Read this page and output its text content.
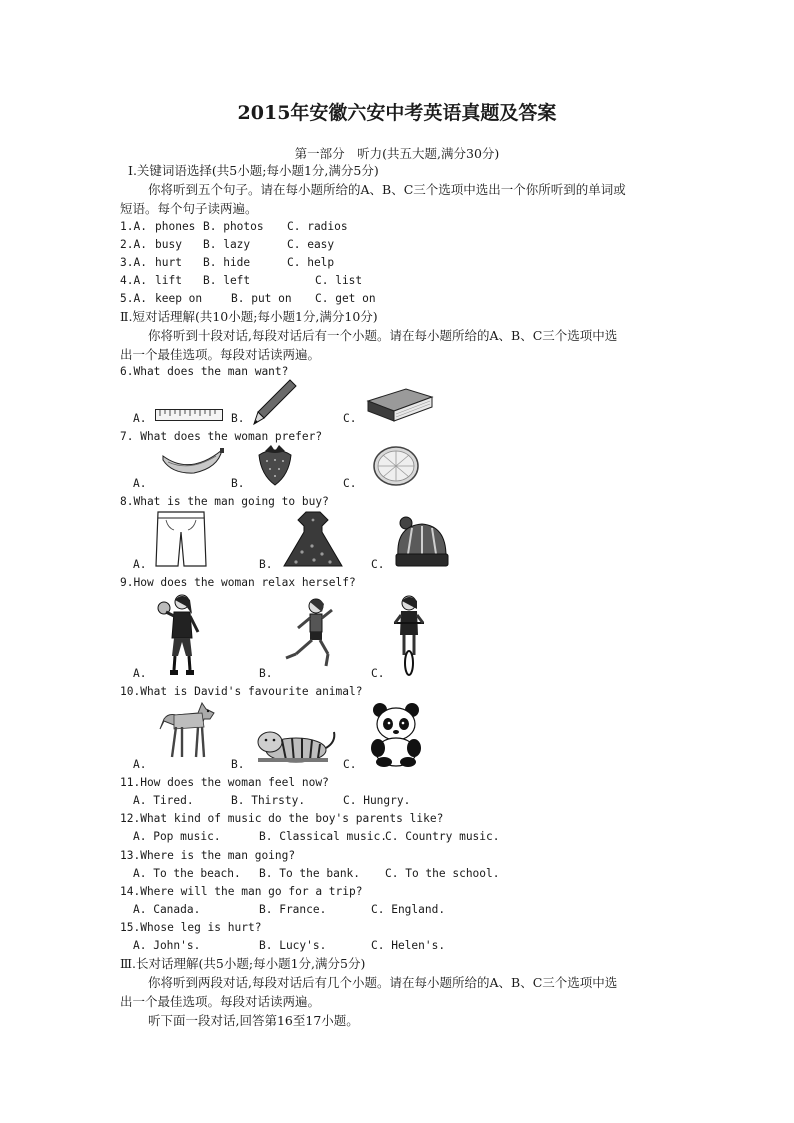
2015年安徽六安中考英语真题及答案
第一部分　听力(共五大题,满分30分)
Ⅰ.关键词语选择(共5小题;每小题1分,满分5分)
你将听到五个句子。请在每小题所给的A、B、C三个选项中选出一个你所听到的单词或
短语。每个句子读两遍。
1.A. phones B. photos C. radios
2.A. busy B. lazy	C. easy
3.A. hurt B. hide	C. help
4.A. lift B. left	C. list
5.A. keep on	B. put on C. get on
Ⅱ.短对话理解(共10小题;每小题1分,满分10分)
你将听到十段对话,每段对话后有一个小题。请在每小题所给的A、B、C三个选项中选
出一个最佳选项。每段对话读两遍。
6.What does the man want?
A.	B.	C.
7. What does the woman prefer?
A.	B.	C.
8.What is the man going to buy?
A.	B.	C.
9.How does the woman relax herself?
A.	B.	C.
10.What is David's favourite animal?
A.	B.	C.
11.How does the woman feel now?
A. Tired.	B. Thirsty.	C. Hungry.
12.What kind of music do the boy's parents like?
A. Pop music.	B. Classical music.
C. Country music.
13.Where is the man going?
A. To the beach. B. To the bank. C. To the school.
14.Where will the man go for a trip?
A. Canada.	B. France.	C. England.
15.Whose leg is hurt?
A. John's.	B. Lucy's.	C. Helen's.
Ⅲ.长对话理解(共5小题;每小题1分,满分5分)
你将听到两段对话,每段对话后有几个小题。请在每小题所给的A、B、C三个选项中选
出一个最佳选项。每段对话读两遍。
听下面一段对话,回答第16至17小题。
